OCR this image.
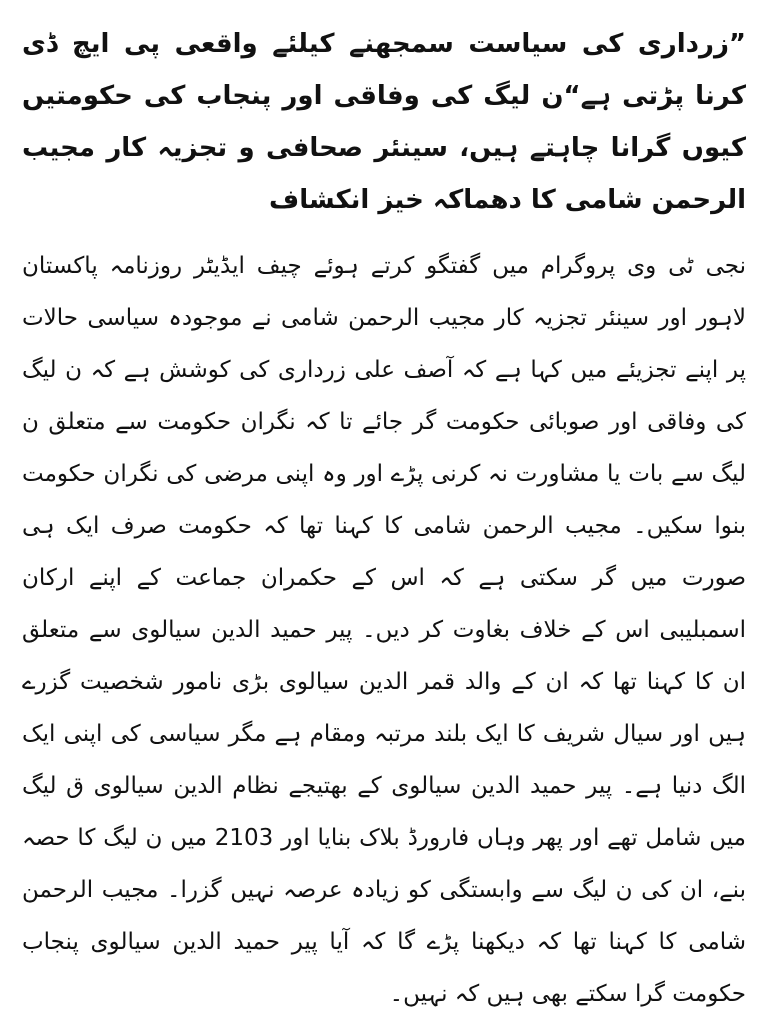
”زرداری کی سیاست سمجھنے کیلئے واقعی پی ایچ ڈی کرنا پڑتی ہے“ن لیگ کی وفاقی اور پنجاب کی حکومتیں کیوں گرانا چاہتے ہیں، سینئر صحافی و تجزیہ کار مجیب الرحمن شامی کا دھماکہ خیز انکشاف

نجی ٹی وی پروگرام میں گفتگو کرتے ہوئے چیف ایڈیٹر روزنامہ پاکستان لاہور اور سینئر تجزیہ کار مجیب الرحمن شامی نے موجودہ سیاسی حالات پر اپنے تجزیئے میں کہا ہے کہ آصف علی زرداری کی کوشش ہے کہ ن لیگ کی وفاقی اور صوبائی حکومت گر جائے تا کہ نگران حکومت سے متعلق ن لیگ سے بات یا مشاورت نہ کرنی پڑے اور وہ اپنی مرضی کی نگران حکومت بنوا سکیں۔ مجیب الرحمن شامی کا کہنا تھا کہ حکومت صرف ایک ہی صورت میں گر سکتی ہے کہ اس کے حکمران جماعت کے اپنے ارکان اسمبلیبی اس کے خلاف بغاوت کر دیں۔ پیر حمید الدین سیالوی سے متعلق ان کا کہنا تھا کہ ان کے والد قمر الدین سیالوی بڑی نامور شخصیت گزرے ہیں اور سیال شریف کا ایک بلند مرتبہ ومقام ہے مگر سیاسی کی اپنی ایک الگ دنیا ہے۔ پیر حمید الدین سیالوی کے بھتیجے نظام الدین سیالوی ق لیگ میں شامل تھے اور پھر وہاں فارورڈ بلاک بنایا اور 2103 میں ن لیگ کا حصہ بنے، ان کی ن لیگ سے وابستگی کو زیادہ عرصہ نہیں گزرا۔ مجیب الرحمن شامی کا کہنا تھا کہ دیکھنا پڑے گا کہ آیا پیر حمید الدین سیالوی پنجاب حکومت گرا سکتے بھی ہیں کہ نہیں۔
